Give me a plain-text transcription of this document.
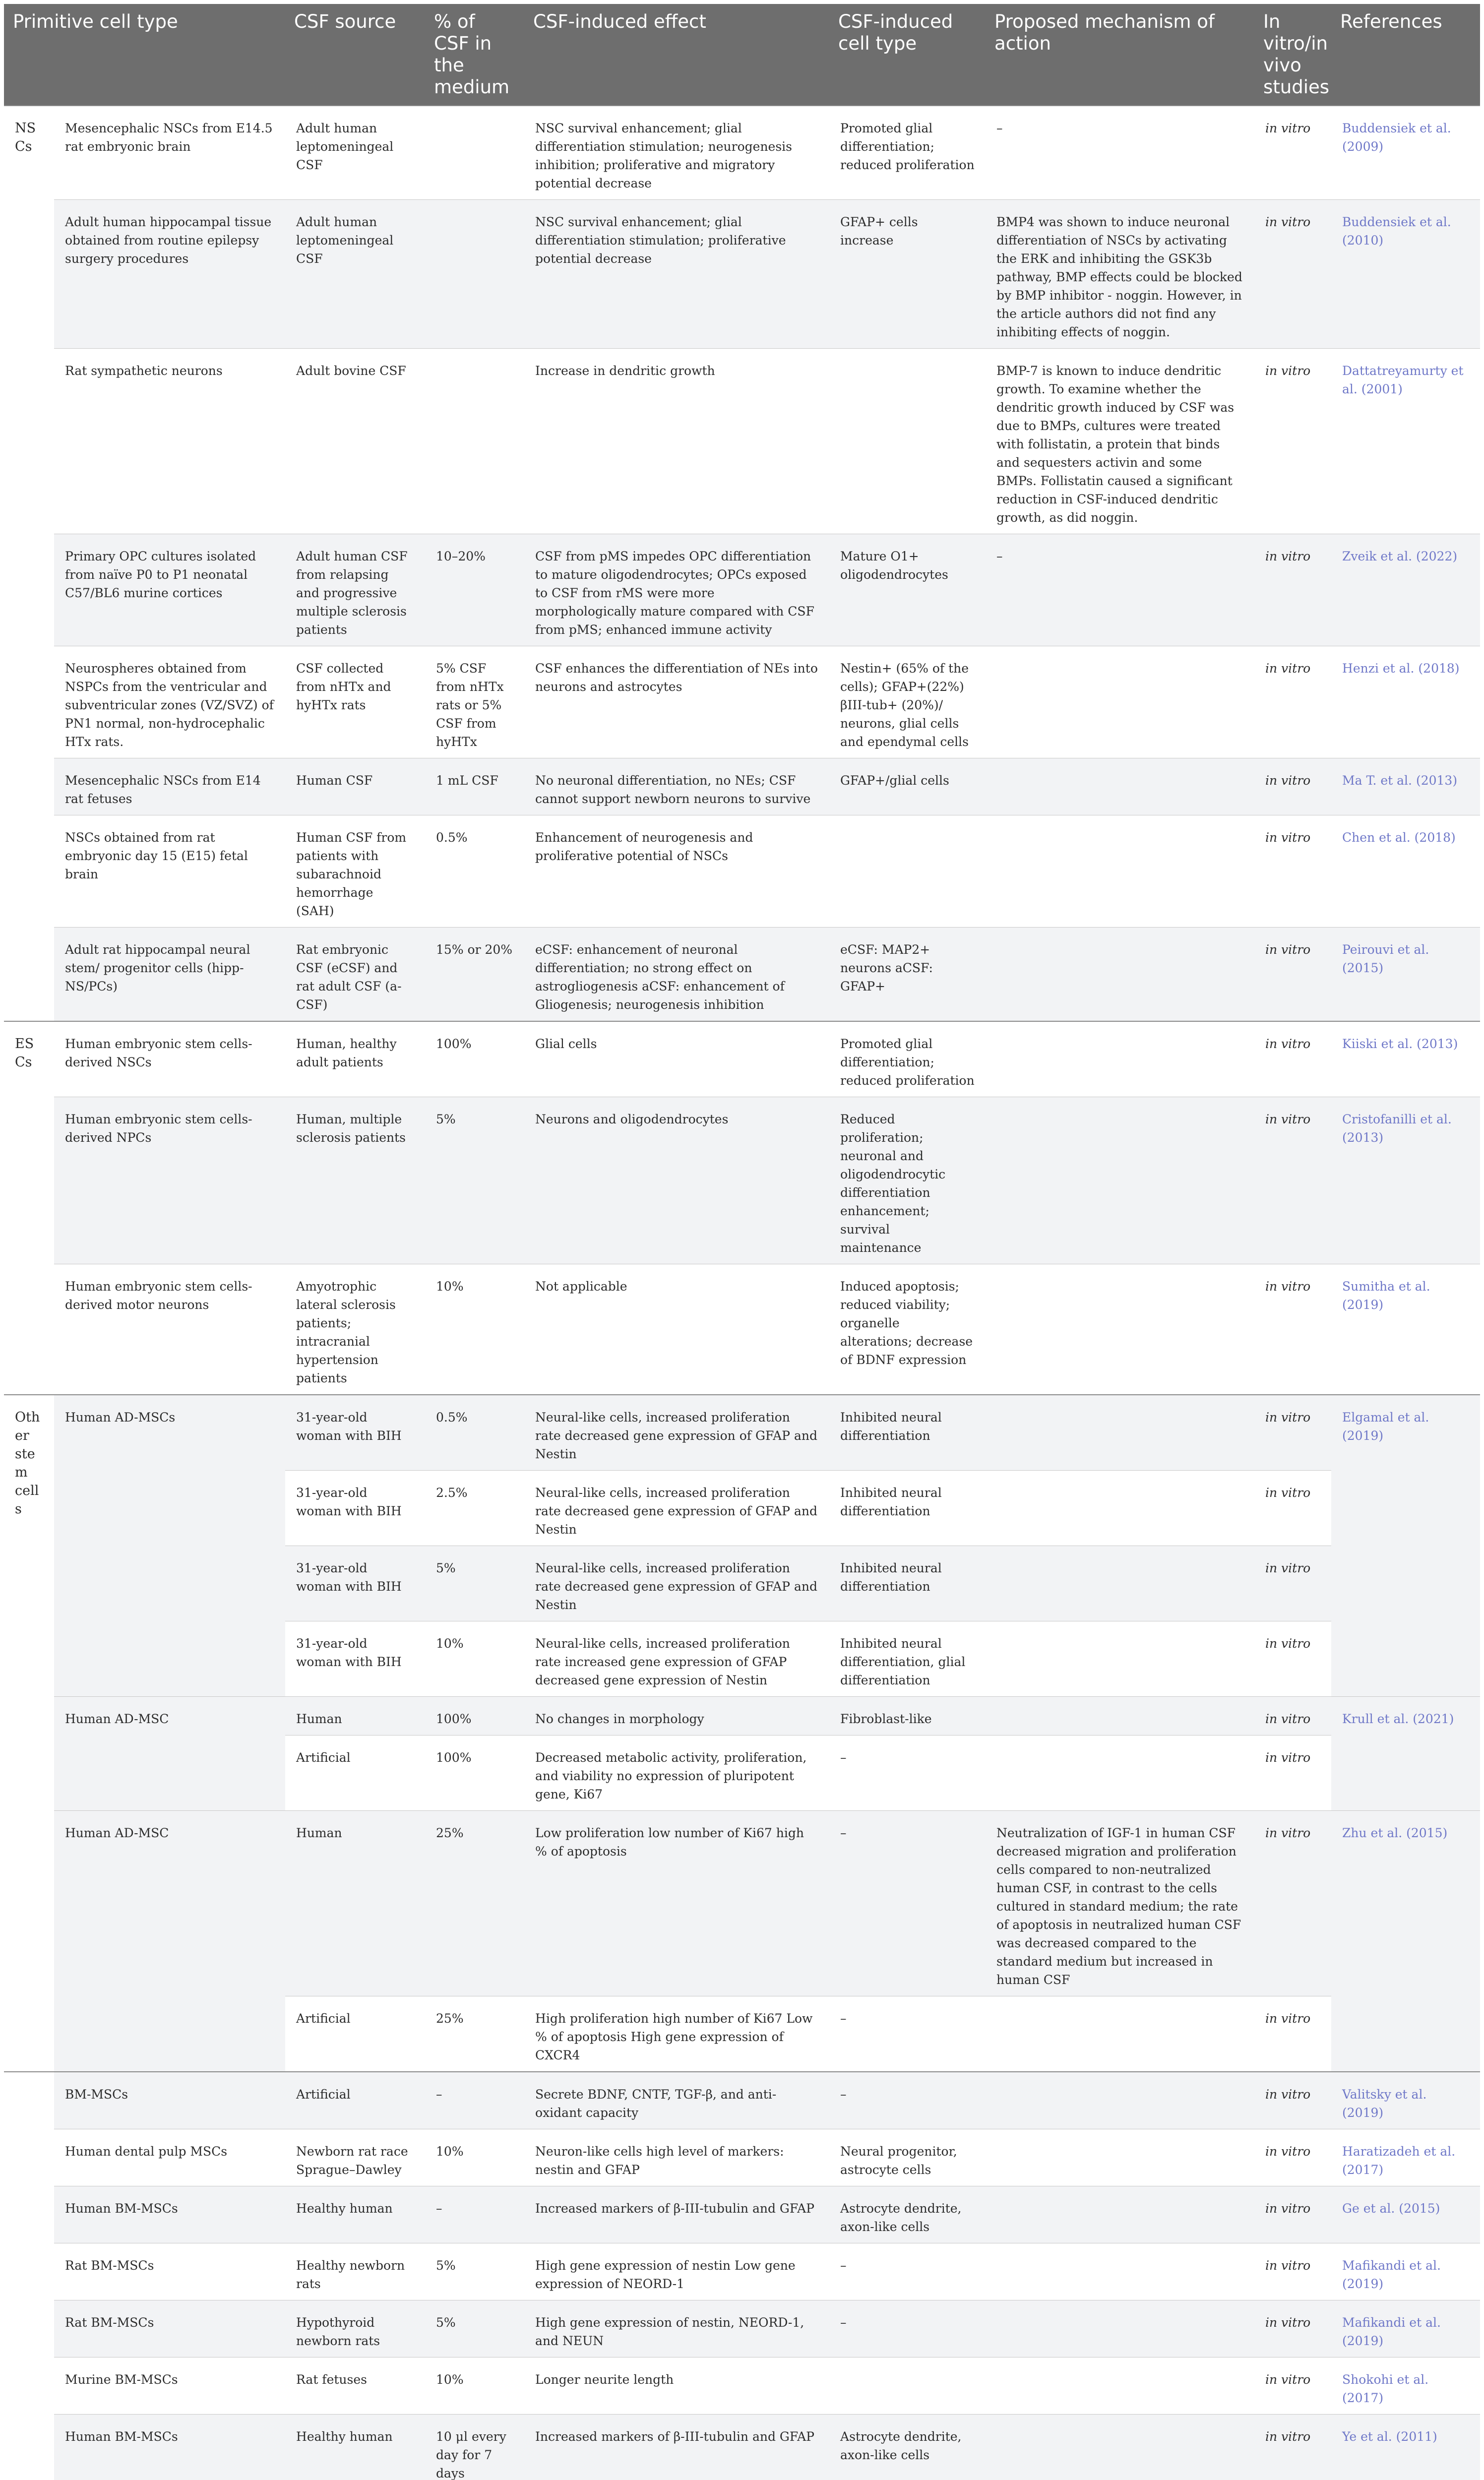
Primitive cell type		CSF source	% of CSF in the medium	CSF-induced effect	CSF-induced cell type	Proposed mechanism of action	In vitro/in vivo studies	References
NSCs	Mesencephalic NSCs from E14.5 rat embryonic brain	Adult human leptomeningeal CSF		NSC survival enhancement; glial differentiation stimulation; neurogenesis inhibition; proliferative and migratory potential decrease	Promoted glial differentiation; reduced proliferation	–	in vitro	Buddensiek et al. (2009)
	Adult human hippocampal tissue obtained from routine epilepsy surgery procedures	Adult human leptomeningeal CSF		NSC survival enhancement; glial differentiation stimulation; proliferative potential decrease	GFAP+ cells increase	BMP4 was shown to induce neuronal differentiation of NSCs by activating the ERK and inhibiting the GSK3b pathway, BMP effects could be blocked by BMP inhibitor - noggin. However, in the article authors did not find any inhibiting effects of noggin.	in vitro	Buddensiek et al. (2010)
	Rat sympathetic neurons	Adult bovine CSF		Increase in dendritic growth		BMP-7 is known to induce dendritic growth. To examine whether the dendritic growth induced by CSF was due to BMPs, cultures were treated with follistatin, a protein that binds and sequesters activin and some BMPs. Follistatin caused a significant reduction in CSF-induced dendritic growth, as did noggin.	in vitro	Dattatreyamurty et al. (2001)
	Primary OPC cultures isolated from naïve P0 to P1 neonatal C57/BL6 murine cortices	Adult human CSF from relapsing and progressive multiple sclerosis patients	10–20%	CSF from pMS impedes OPC differentiation to mature oligodendrocytes; OPCs exposed to CSF from rMS were more morphologically mature compared with CSF from pMS; enhanced immune activity	Mature O1+ oligodendrocytes	–	in vitro	Zveik et al. (2022)
	Neurospheres obtained from NSPCs from the ventricular and subventricular zones (VZ/SVZ) of PN1 normal, non-hydrocephalic HTx rats.	CSF collected from nHTx and hyHTx rats	5% CSF from nHTx rats or 5% CSF from hyHTx	CSF enhances the differentiation of NEs into neurons and astrocytes	Nestin+ (65% of the cells); GFAP+(22%) βIII-tub+ (20%)/ neurons, glial cells and ependymal cells		in vitro	Henzi et al. (2018)
	Mesencephalic NSCs from E14 rat fetuses	Human CSF	1 mL CSF	No neuronal differentiation, no NEs; CSF cannot support newborn neurons to survive	GFAP+/glial cells		in vitro	Ma T. et al. (2013)
	NSCs obtained from rat embryonic day 15 (E15) fetal brain	Human CSF from patients with subarachnoid hemorrhage (SAH)	0.5%	Enhancement of neurogenesis and proliferative potential of NSCs			in vitro	Chen et al. (2018)
	Adult rat hippocampal neural stem/ progenitor cells (hipp-NS/PCs)	Rat embryonic CSF (eCSF) and rat adult CSF (a-CSF)	15% or 20%	eCSF: enhancement of neuronal differentiation; no strong effect on astrogliogenesis aCSF: enhancement of Gliogenesis; neurogenesis inhibition	eCSF: MAP2+ neurons aCSF: GFAP+		in vitro	Peirouvi et al. (2015)
ESCs	Human embryonic stem cells-derived NSCs	Human, healthy adult patients	100%	Glial cells	Promoted glial differentiation; reduced proliferation		in vitro	Kiiski et al. (2013)
	Human embryonic stem cells-derived NPCs	Human, multiple sclerosis patients	5%	Neurons and oligodendrocytes	Reduced proliferation; neuronal and oligodendrocytic differentiation enhancement; survival maintenance		in vitro	Cristofanilli et al. (2013)
	Human embryonic stem cells-derived motor neurons	Amyotrophic lateral sclerosis patients; intracranial hypertension patients	10%	Not applicable	Induced apoptosis; reduced viability; organelle alterations; decrease of BDNF expression		in vitro	Sumitha et al. (2019)
Other stem cells	Human AD-MSCs	31-year-old woman with BIH	0.5%	Neural-like cells, increased proliferation rate decreased gene expression of GFAP and Nestin	Inhibited neural differentiation		in vitro	Elgamal et al. (2019)
		31-year-old woman with BIH	2.5%	Neural-like cells, increased proliferation rate decreased gene expression of GFAP and Nestin	Inhibited neural differentiation		in vitro	
		31-year-old woman with BIH	5%	Neural-like cells, increased proliferation rate decreased gene expression of GFAP and Nestin	Inhibited neural differentiation		in vitro	
		31-year-old woman with BIH	10%	Neural-like cells, increased proliferation rate increased gene expression of GFAP decreased gene expression of Nestin	Inhibited neural differentiation, glial differentiation		in vitro	
	Human AD-MSC	Human	100%	No changes in morphology	Fibroblast-like		in vitro	Krull et al. (2021)
		Artificial	100%	Decreased metabolic activity, proliferation, and viability no expression of pluripotent gene, Ki67	–		in vitro	
	Human AD-MSC	Human	25%	Low proliferation low number of Ki67 high % of apoptosis	–	Neutralization of IGF-1 in human CSF decreased migration and proliferation cells compared to non-neutralized human CSF, in contrast to the cells cultured in standard medium; the rate of apoptosis in neutralized human CSF was decreased compared to the standard medium but increased in human CSF	in vitro	Zhu et al. (2015)
		Artificial	25%	High proliferation high number of Ki67 Low % of apoptosis High gene expression of CXCR4	–		in vitro	
	BM-MSCs	Artificial	–	Secrete BDNF, CNTF, TGF-β, and anti-oxidant capacity	–		in vitro	Valitsky et al. (2019)
	Human dental pulp MSCs	Newborn rat race Sprague–Dawley	10%	Neuron-like cells high level of markers: nestin and GFAP	Neural progenitor, astrocyte cells		in vitro	Haratizadeh et al. (2017)
	Human BM-MSCs	Healthy human	–	Increased markers of β-III-tubulin and GFAP	Astrocyte dendrite, axon-like cells		in vitro	Ge et al. (2015)
	Rat BM-MSCs	Healthy newborn rats	5%	High gene expression of nestin Low gene expression of NEORD-1	–		in vitro	Mafikandi et al. (2019)
	Rat BM-MSCs	Hypothyroid newborn rats	5%	High gene expression of nestin, NEORD-1, and NEUN	–		in vitro	Mafikandi et al. (2019)
	Murine BM-MSCs	Rat fetuses	10%	Longer neurite length			in vitro	Shokohi et al. (2017)
	Human BM-MSCs	Healthy human	10 μl every day for 7 days	Increased markers of β-III-tubulin and GFAP	Astrocyte dendrite, axon-like cells		in vitro	Ye et al. (2011)
